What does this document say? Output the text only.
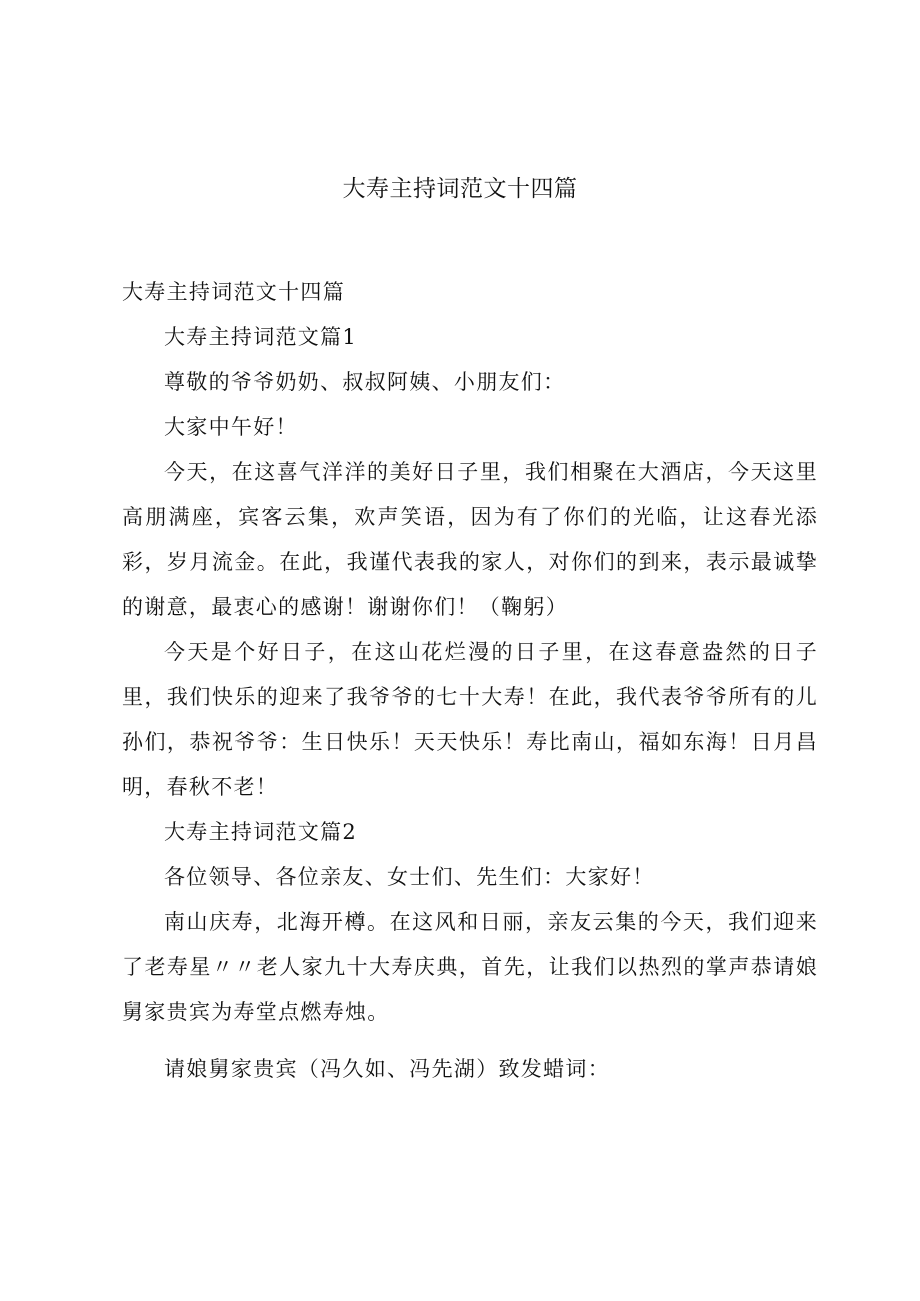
大寿主持词范文十四篇

大寿主持词范文十四篇

大寿主持词范文篇1

尊敬的爷爷奶奶、叔叔阿姨、小朋友们：

大家中午好！

今天，在这喜气洋洋的美好日子里，我们相聚在大酒店，今天这里高朋满座，宾客云集，欢声笑语，因为有了你们的光临，让这春光添彩，岁月流金。在此，我谨代表我的家人，对你们的到来，表示最诚挚的谢意，最衷心的感谢！谢谢你们！（鞠躬）

今天是个好日子，在这山花烂漫的日子里，在这春意盎然的日子里，我们快乐的迎来了我爷爷的七十大寿！在此，我代表爷爷所有的儿孙们，恭祝爷爷：生日快乐！天天快乐！寿比南山，福如东海！日月昌明，春秋不老！

大寿主持词范文篇2

各位领导、各位亲友、女士们、先生们：大家好！

南山庆寿，北海开樽。在这风和日丽，亲友云集的今天，我们迎来了老寿星〃〃老人家九十大寿庆典，首先，让我们以热烈的掌声恭请娘舅家贵宾为寿堂点燃寿烛。

请娘舅家贵宾（冯久如、冯先湖）致发蜡词：
